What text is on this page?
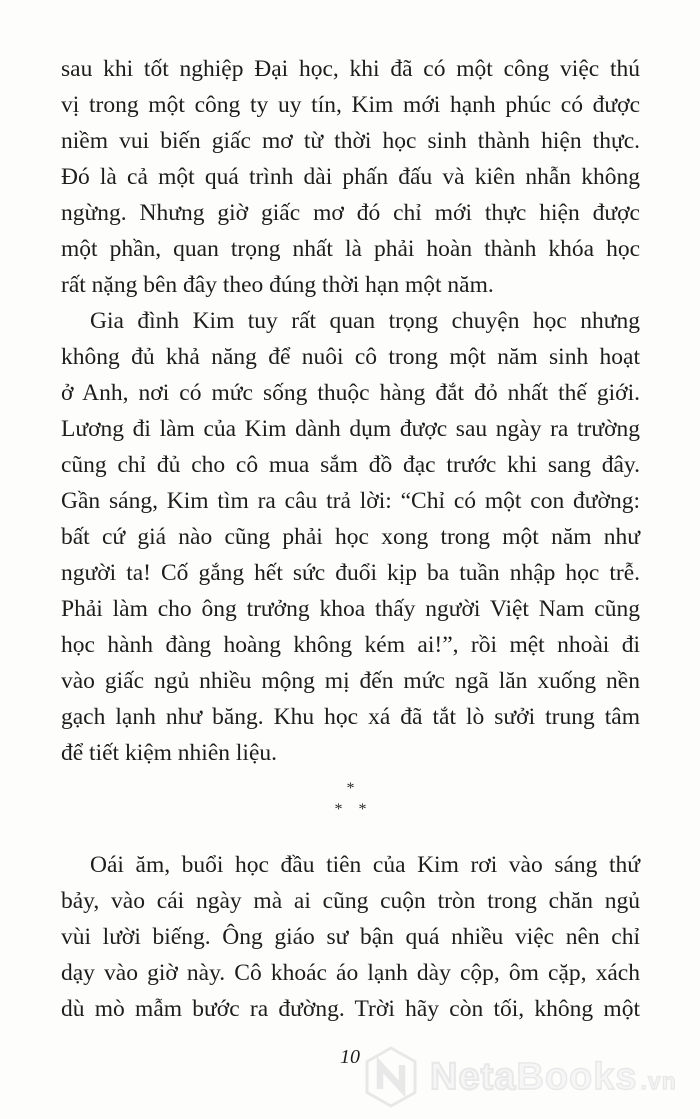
sau khi tốt nghiệp Đại học, khi đã có một công việc thú
vị trong một công ty uy tín, Kim mới hạnh phúc có được
niềm vui biến giấc mơ từ thời học sinh thành hiện thực.
Đó là cả một quá trình dài phấn đấu và kiên nhẫn không
ngừng. Nhưng giờ giấc mơ đó chỉ mới thực hiện được
một phần, quan trọng nhất là phải hoàn thành khóa học
rất nặng bên đây theo đúng thời hạn một năm.
Gia đình Kim tuy rất quan trọng chuyện học nhưng
không đủ khả năng để nuôi cô trong một năm sinh hoạt
ở Anh, nơi có mức sống thuộc hàng đắt đỏ nhất thế giới.
Lương đi làm của Kim dành dụm được sau ngày ra trường
cũng chỉ đủ cho cô mua sắm đồ đạc trước khi sang đây.
Gần sáng, Kim tìm ra câu trả lời: “Chỉ có một con đường:
bất cứ giá nào cũng phải học xong trong một năm như
người ta! Cố gắng hết sức đuổi kịp ba tuần nhập học trễ.
Phải làm cho ông trưởng khoa thấy người Việt Nam cũng
học hành đàng hoàng không kém ai!”, rồi mệt nhoài đi
vào giấc ngủ nhiều mộng mị đến mức ngã lăn xuống nền
gạch lạnh như băng. Khu học xá đã tắt lò sưởi trung tâm
để tiết kiệm nhiên liệu.
*
*    *
Oái ăm, buổi học đầu tiên của Kim rơi vào sáng thứ
bảy, vào cái ngày mà ai cũng cuộn tròn trong chăn ngủ
vùi lười biếng. Ông giáo sư bận quá nhiều việc nên chỉ
dạy vào giờ này. Cô khoác áo lạnh dày cộp, ôm cặp, xách
dù mò mẫm bước ra đường. Trời hãy còn tối, không một
10	Neta Books .vn
